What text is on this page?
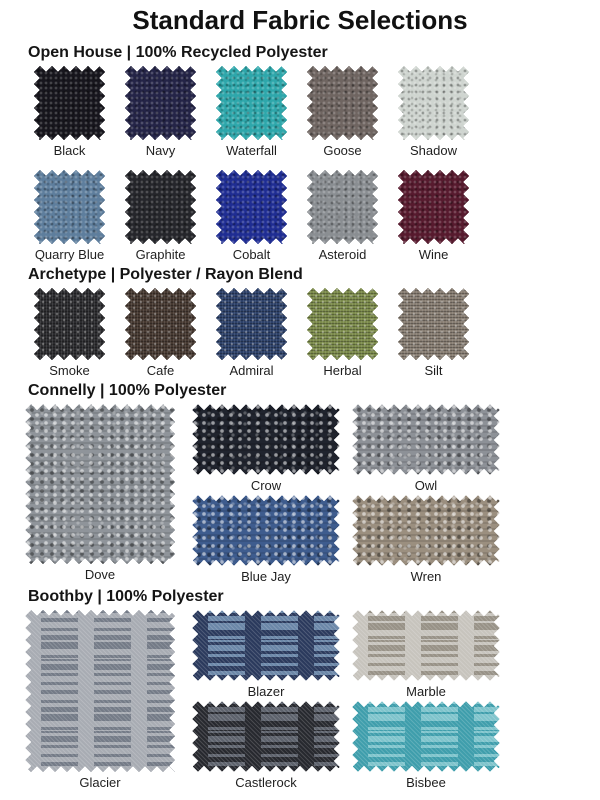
Standard Fabric Selections
Open House | 100% Recycled Polyester
Black	Navy	Waterfall	Goose	Shadow
Quarry Blue Graphite	Cobalt	Asteroid	Wine
Archetype | Polyester / Rayon Blend
Smoke	Cafe	Admiral	Herbal	Silt
Connelly | 100% Polyester
Dove
Crow	Owl
Blue Jay	Wren
Boothby | 100% Polyester
Glacier
Blazer	Marble
Castlerock	Bisbee
